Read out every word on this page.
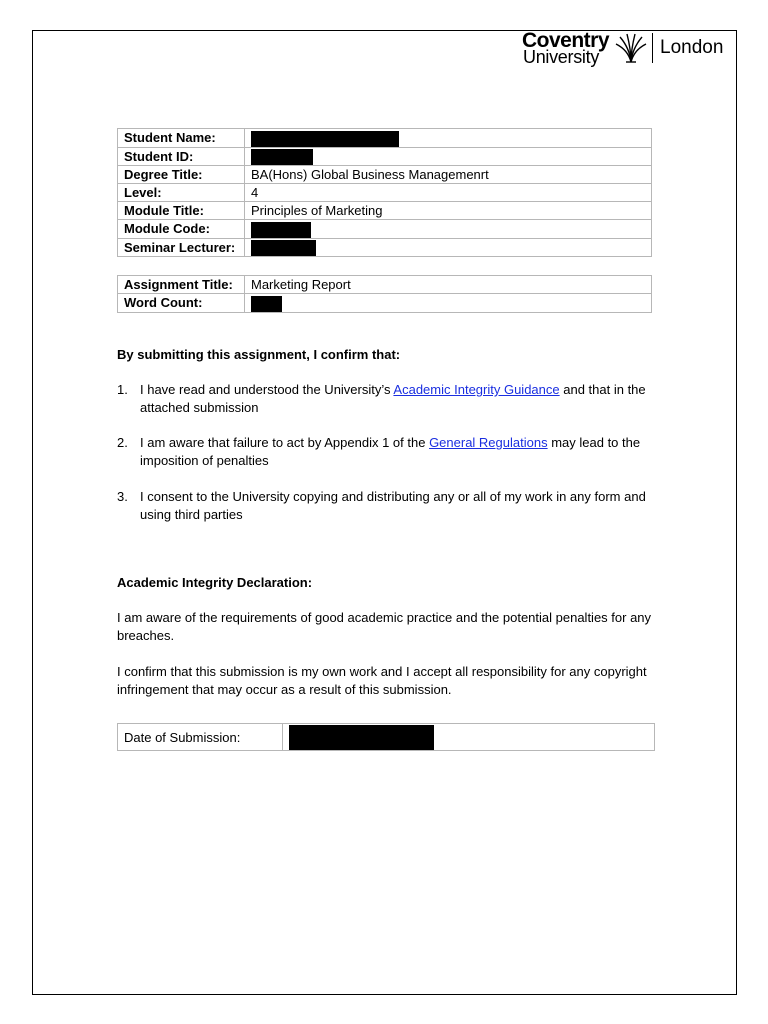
Coventry
University	London
Student Name:	
Student ID:	
Degree Title:	BA(Hons) Global Business Managemenrt
Level:	4
Module Title:	Principles of Marketing
Module Code:	
Seminar Lecturer:	
Assignment Title:	Marketing Report
Word Count:	
By submitting this assignment, I confirm that:
1. I have read and understood the University’s Academic Integrity Guidance and that in the attached submission
2. I am aware that failure to act by Appendix 1 of the General Regulations may lead to the imposition of penalties
3. I consent to the University copying and distributing any or all of my work in any form and using third parties
Academic Integrity Declaration:
I am aware of the requirements of good academic practice and the potential penalties for any breaches.
I confirm that this submission is my own work and I accept all responsibility for any copyright infringement that may occur as a result of this submission.
Date of Submission:	
